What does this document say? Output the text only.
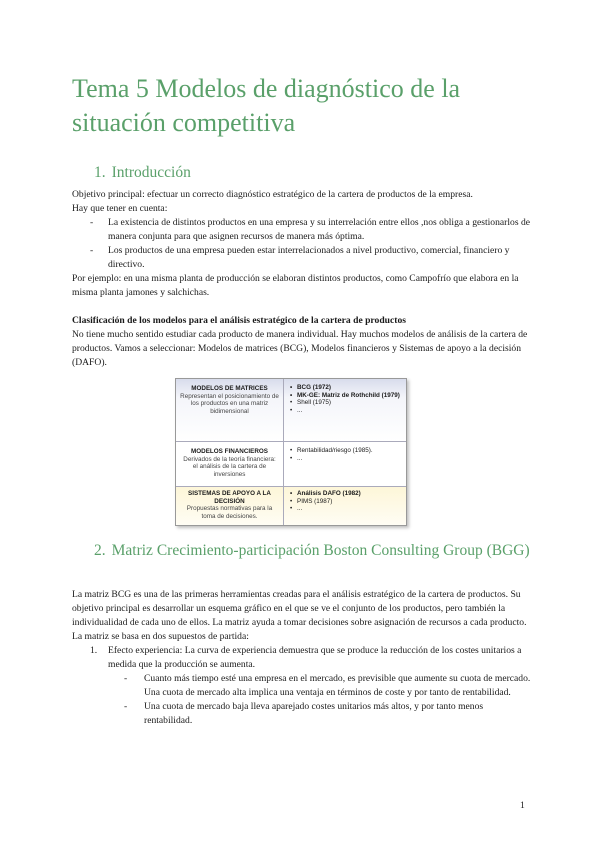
Tema 5 Modelos de diagnóstico de la situación competitiva
1. Introducción

Objetivo principal: efectuar un correcto diagnóstico estratégico de la cartera de productos de la empresa.

Hay que tener en cuenta:

- La existencia de distintos productos en una empresa y su interrelación entre ellos ,nos obliga a gestionarlos de manera conjunta para que asignen recursos de manera más óptima.
- Los productos de una empresa pueden estar interrelacionados a nivel productivo, comercial, financiero y directivo.

Por ejemplo: en una misma planta de producción se elaboran distintos productos, como Campofrío que elabora en la misma planta jamones y salchichas.

Clasificación de los modelos para el análisis estratégico de la cartera de productos

No tiene mucho sentido estudiar cada producto de manera individual. Hay muchos modelos de análisis de la cartera de productos. Vamos a seleccionar: Modelos de matrices (BCG), Modelos financieros y Sistemas de apoyo a la decisión (DAFO).

MODELOS DE MATRICES
Representan el posicionamiento de los productos en una matriz bidimensional
• BCG (1972)
• MK-GE: Matriz de Rothchild (1979)
• Shell (1975)
• ...
MODELOS FINANCIEROS
Derivados de la teoría financiera: el análisis de la cartera de inversiones
• Rentabilidad/riesgo (1985).
• ...
SISTEMAS DE APOYO A LA DECISIÓN
Propuestas normativas para la toma de decisiones.
• Análisis DAFO (1982)
• PIMS (1987)
• ...
2. Matriz Crecimiento-participación Boston Consulting Group (BGG)

La matriz BCG es una de las primeras herramientas creadas para el análisis estratégico de la cartera de productos. Su objetivo principal es desarrollar un esquema gráfico en el que se ve el conjunto de los productos, pero también la individualidad de cada uno de ellos. La matriz ayuda a tomar decisiones sobre asignación de recursos a cada producto.

La matriz se basa en dos supuestos de partida:

1. Efecto experiencia: La curva de experiencia demuestra que se produce la reducción de los costes unitarios a medida que la producción se aumenta.
- Cuanto más tiempo esté una empresa en el mercado, es previsible que aumente su cuota de mercado. Una cuota de mercado alta implica una ventaja en términos de coste y por tanto de rentabilidad.
- Una cuota de mercado baja lleva aparejado costes unitarios más altos, y por tanto menos rentabilidad.
1
